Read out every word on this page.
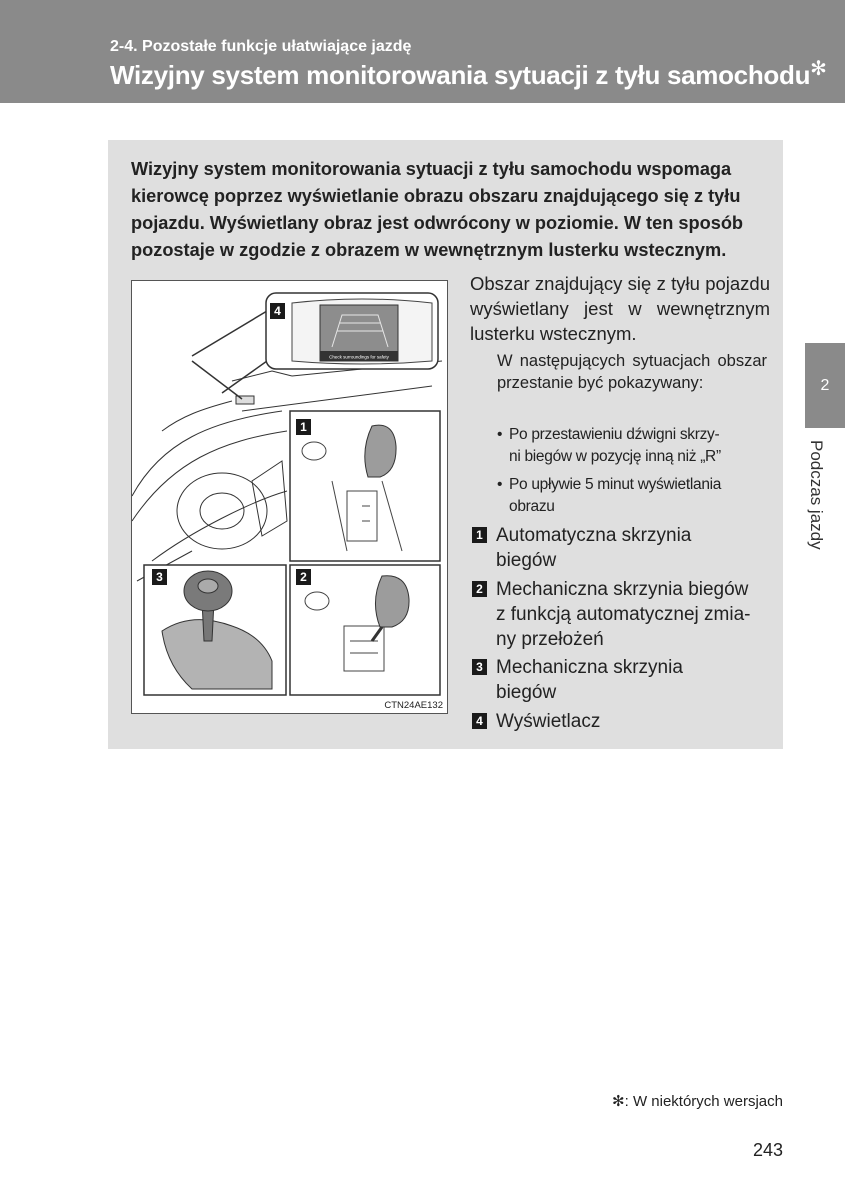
2-4. Pozostałe funkcje ułatwiające jazdę
Wizyjny system monitorowania sytuacji z tyłu samochodu✻
Wizyjny system monitorowania sytuacji z tyłu samochodu wspomaga kierowcę poprzez wyświetlanie obrazu obszaru znajdującego się z tyłu pojazdu. Wyświetlany obraz jest odwrócony w poziomie. W ten sposób pozostaje w zgodzie z obrazem w wewnętrznym lusterku wstecznym.
Check surroundings for safety
1
2
3
4
CTN24AE132
Obszar znajdujący się z tyłu pojazdu wyświetlany jest w wewnętrznym lusterku wstecznym.
W następujących sytuacjach obszar przestanie być pokazywany:
• Po przestawieniu dźwigni skrzy-
ni biegów w pozycję inną niż „R”
• Po upływie 5 minut wyświetlania
obrazu
1 Automatyczna skrzynia
biegów
2 Mechaniczna skrzynia biegów
z funkcją automatycznej zmia-
ny przełożeń
3 Mechaniczna skrzynia
biegów
4 Wyświetlacz
2
Podczas jazdy
✻: W niektórych wersjach
243
